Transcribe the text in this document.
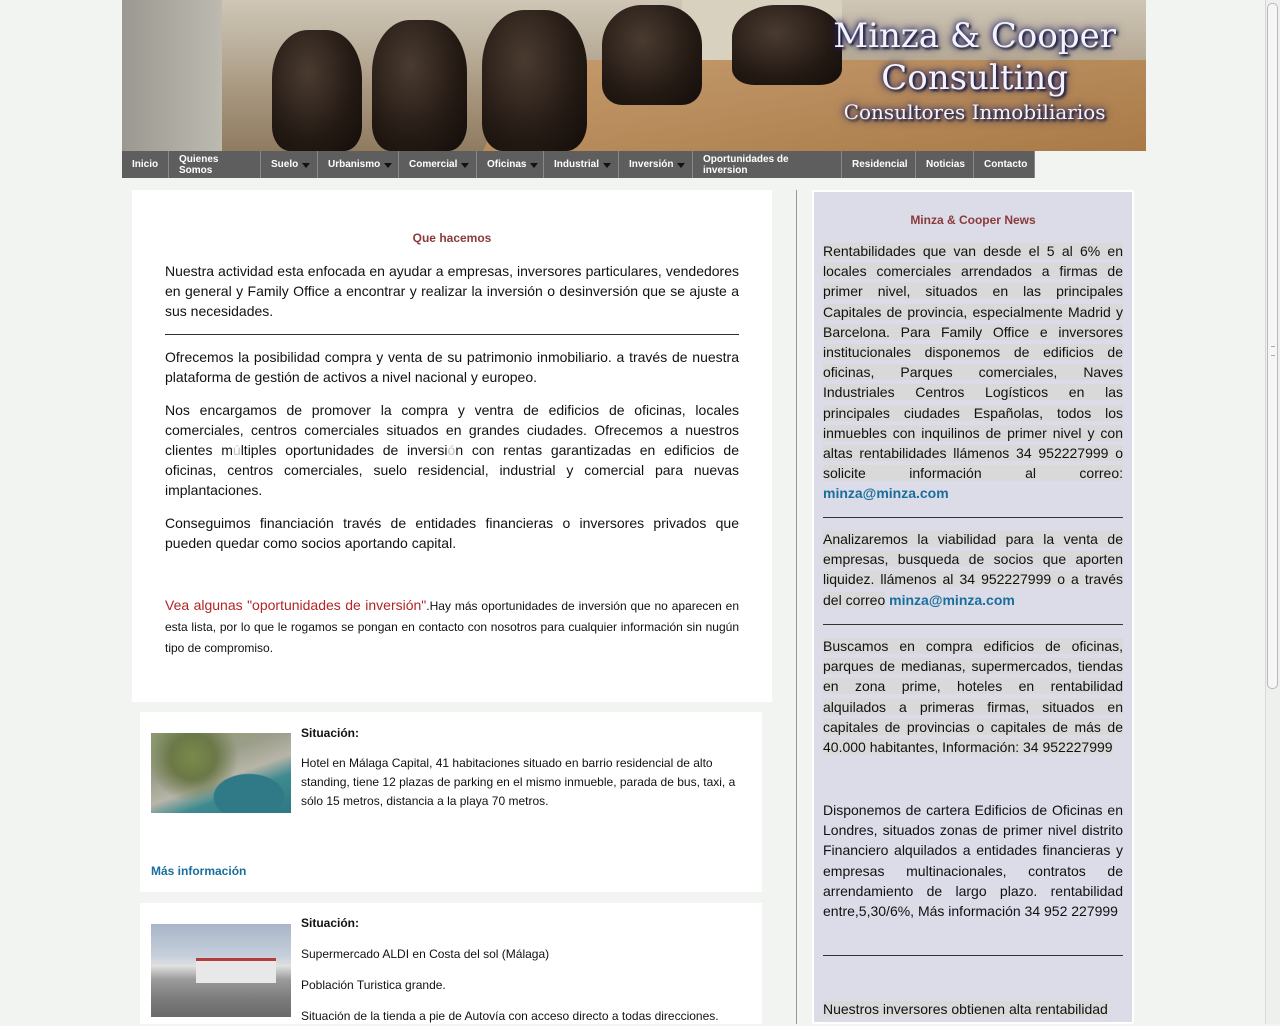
Minza & Cooper
Consulting
Consultores Inmobiliarios
Inicio Quienes Somos	Suelo	Urbanismo	Comercial	Oficinas	Industrial	Inversión	Oportunidades de inversion	Residencial Noticias Contacto
Que hacemos

Nuestra actividad esta enfocada en ayudar a empresas, inversores particulares, vendedores en general y Family Office a encontrar y realizar la inversión o desinversión que se ajuste a sus necesidades.

Ofrecemos la posibilidad compra y venta de su patrimonio inmobiliario. a través de nuestra plataforma de gestión de activos a nivel nacional y europeo.

Nos encargamos de promover la compra y ventra de edificios de oficinas, locales comerciales, centros comerciales situados en grandes ciudades. Ofrecemos a nuestros clientes múltiples oportunidades de inversión con rentas garantizadas en edificios de oficinas, centros comerciales, suelo residencial, industrial y comercial para nuevas implantaciones.

Conseguimos financiación través de entidades financieras o inversores privados que pueden quedar como socios aportando capital.

Vea algunas "oportunidades de inversión".Hay más oportunidades de inversión que no aparecen en esta lista, por lo que le rogamos se pongan en contacto con nosotros para cualquier información sin nugún tipo de compromiso.
Situación:
Hotel en Málaga Capital, 41 habitaciones situado en barrio residencial de alto standing, tiene 12 plazas de parking en el mismo inmueble, parada de bus, taxi, a sólo 15 metros, distancia a la playa 70 metros.
Más información
Situación:
Supermercado ALDI en Costa del sol (Málaga)
Población Turistica grande.
Situación de la tienda a pie de Autovía con acceso directo a todas direcciones.
Minza & Cooper News
Rentabilidades que van desde el 5 al 6% en locales comerciales arrendados a firmas de primer nivel, situados en las principales Capitales de provincia, especialmente Madrid y Barcelona. Para Family Office e inversores institucionales disponemos de edificios de oficinas, Parques comerciales, Naves Industriales Centros Logísticos en las principales ciudades Españolas, todos los inmuebles con inquilinos de primer nivel y con altas rentabilidades llámenos 34 952227999 o solicite información al correo: minza@minza.com
Analizaremos la viabilidad para la venta de empresas, busqueda de socios que aporten liquidez. llámenos al 34 952227999 o a través del correo minza@minza.com
Buscamos en compra edificios de oficinas, parques de medianas, supermercados, tiendas en zona prime, hoteles en rentabilidad alquilados a primeras firmas, situados en capitales de provincias o capitales de más de 40.000 habitantes, Información: 34 952227999
Disponemos de cartera Edificios de Oficinas en Londres, situados zonas de primer nivel distrito Financiero alquilados a entidades financieras y empresas multinacionales, contratos de arrendamiento de largo plazo. rentabilidad entre,5,30/6%, Más información 34 952 227999
Nuestros inversores obtienen alta rentabilidad
